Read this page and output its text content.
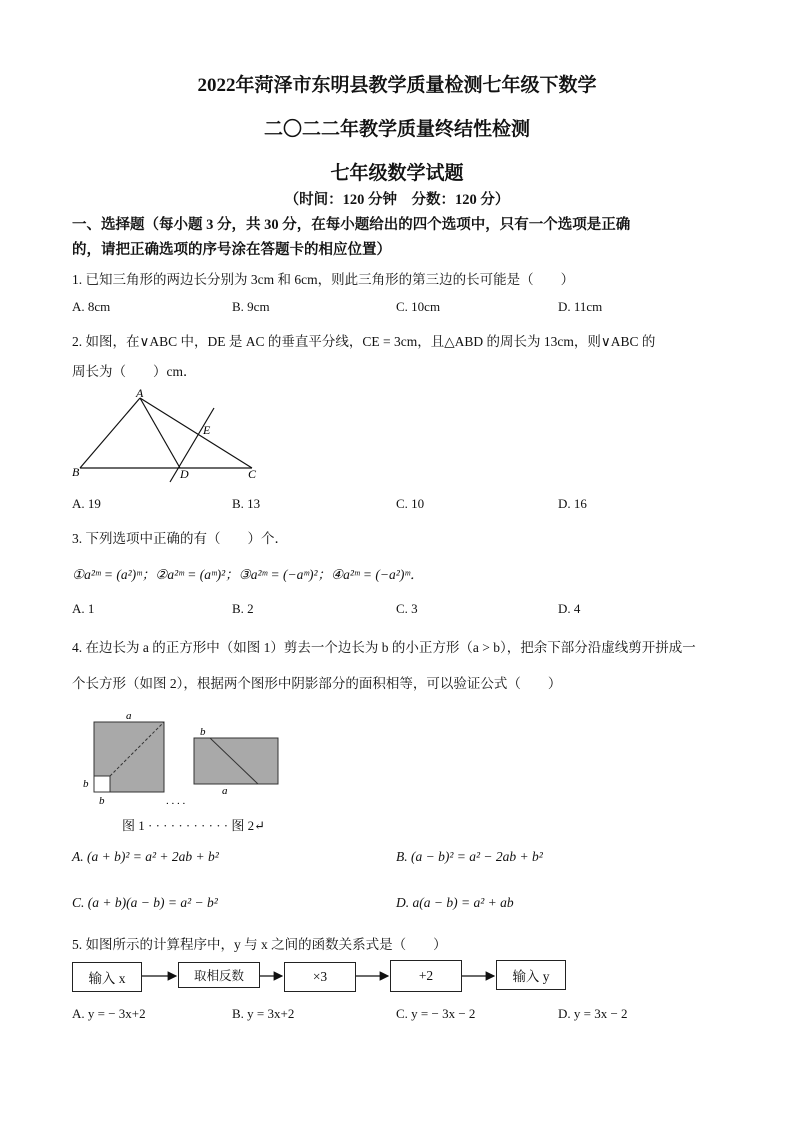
2022年菏泽市东明县教学质量检测七年级下数学
二〇二二年教学质量终结性检测
七年级数学试题
（时间：120 分钟　分数：120 分）
一、选择题（每小题 3 分，共 30 分，在每小题给出的四个选项中，只有一个选项是正确
的，请把正确选项的序号涂在答题卡的相应位置）
1. 已知三角形的两边长分别为 3cm 和 6cm，则此三角形的第三边的长可能是（　　）
A. 8cm	B. 9cm	C. 10cm	D. 11cm
2. 如图，在∨ABC 中，DE 是 AC 的垂直平分线，CE = 3cm，且△ABD 的周长为 13cm，则∨ABC 的
周长为（　　）cm．
A
B	C
D
E
A. 19	B. 13	C. 10	D. 16
3. 下列选项中正确的有（　　）个．
①a²ᵐ = (a²)ᵐ；②a²ᵐ = (aᵐ)²；③a²ᵐ = (−aᵐ)²；④a²ᵐ = (−a²)ᵐ．
A. 1	B. 2	C. 3	D. 4
4. 在边长为 a 的正方形中（如图 1）剪去一个边长为 b 的小正方形（a > b），把余下部分沿虚线剪开拼成一
个长方形（如图 2），根据两个图形中阴影部分的面积相等，可以验证公式（　　）
a
b
b	. . . .
b
a
图 1 · · · · · · · · · · · 图 2↵
A. (a + b)² = a² + 2ab + b²	B. (a − b)² = a² − 2ab + b²
C. (a + b)(a − b) = a² − b²	D. a(a − b) = a² + ab
5. 如图所示的计算程序中，y 与 x 之间的函数关系式是（　　）
输入 x	取相反数	×3	+2	输入 y
A. y = − 3x+2	B. y = 3x+2	C. y = − 3x − 2	D. y = 3x − 2
